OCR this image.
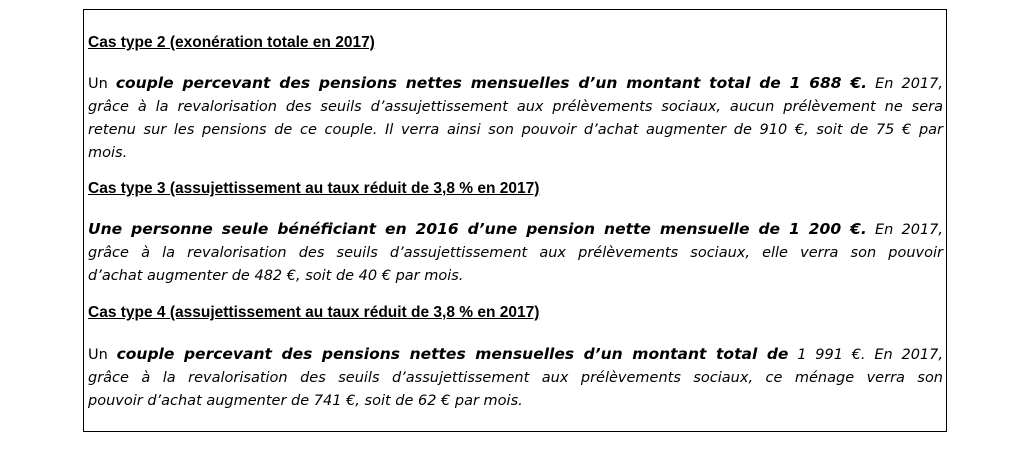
Cas type 2 (exonération totale en 2017)
Un couple percevant des pensions nettes mensuelles d’un montant total de 1 688 €. En 2017,
grâce à la revalorisation des seuils d’assujettissement aux prélèvements sociaux, aucun prélèvement ne sera
retenu sur les pensions de ce couple. Il verra ainsi son pouvoir d’achat augmenter de 910 €, soit de 75 € par
mois.
Cas type 3 (assujettissement au taux réduit de 3,8 % en 2017)
Une personne seule bénéficiant en 2016 d’une pension nette mensuelle de 1 200 €. En 2017,
grâce à la revalorisation des seuils d’assujettissement aux prélèvements sociaux, elle verra son pouvoir
d’achat augmenter de 482 €, soit de 40 € par mois.
Cas type 4 (assujettissement au taux réduit de 3,8 % en 2017)
Un couple percevant des pensions nettes mensuelles d’un montant total de 1 991 €. En 2017,
grâce à la revalorisation des seuils d’assujettissement aux prélèvements sociaux, ce ménage verra son
pouvoir d’achat augmenter de 741 €, soit de 62 € par mois.
